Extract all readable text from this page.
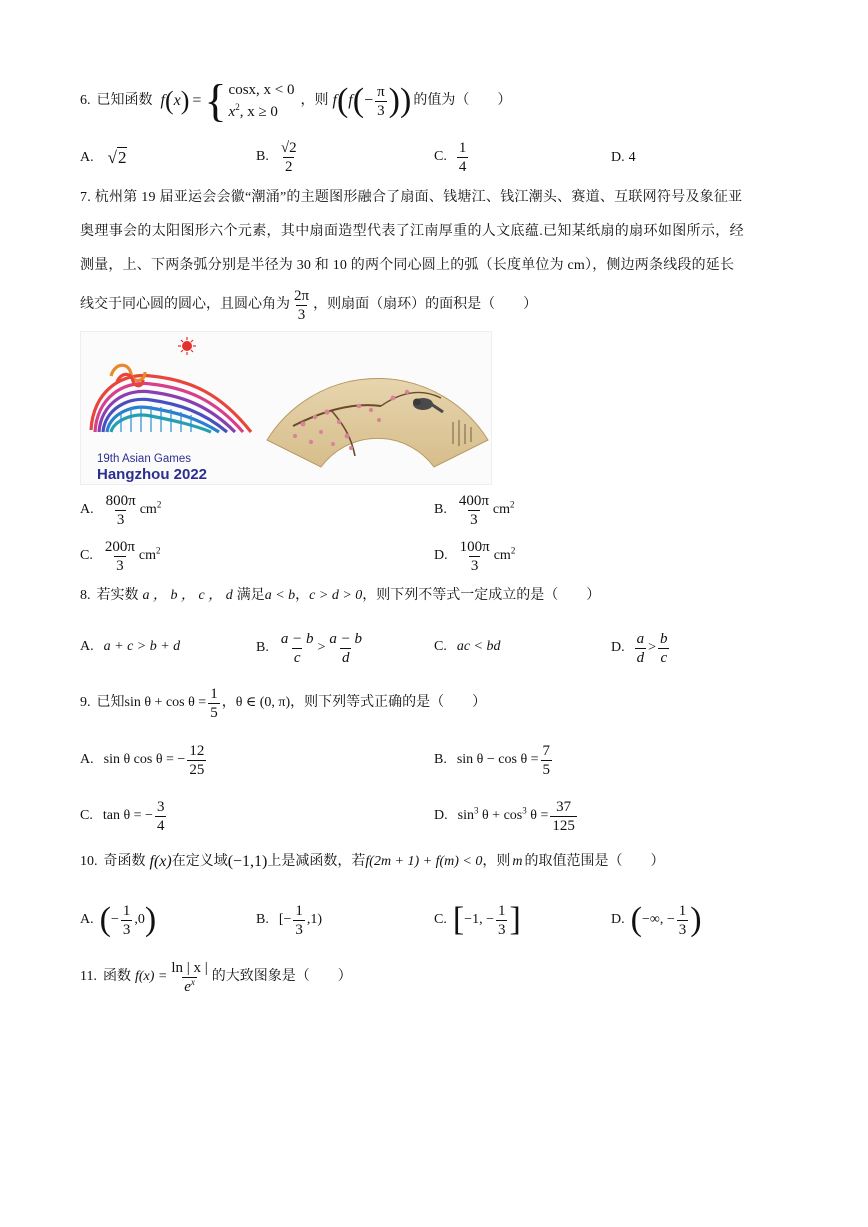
6. 已知函数 f ( x ) = { cosx, x < 0
$x^2$, x ≥ 0
，则 f ( f ( − $\frac{\pi}{3}$ ) ) 的值为（　　）
A. √2	B. $\frac{√2}{2}$	C. $\frac{1}{4}$	D. 4
7. 杭州第 19 届亚运会会徽“潮涌”的主题图形融合了扇面、钱塘江、钱江潮头、赛道、互联网符号及象征亚
奥理事会的太阳图形六个元素，其中扇面造型代表了江南厚重的人文底蕴.已知某纸扇的扇环如图所示，经
测量，上、下两条弧分别是半径为 30 和 10 的两个同心圆上的弧（长度单位为 cm），侧边两条线段的延长
线交于同心圆的圆心，且圆心角为 $\frac{2\pi}{3}$ ，则扇面（扇环）的面积是（　　）
19th Asian Games
Hangzhou 2022
A. $\frac{800\pi}{3} cm^2$	B. $\frac{400\pi}{3} cm^2$
C. $\frac{200\pi}{3} cm^2$	D. $\frac{100\pi}{3} cm^2$
8. 若实数 a ， b ， c ， d 满足 a < b ， c > d > 0 ，则下列不等式一定成立的是（　　）
A. a + c > b + d	B. $\frac{a - b}{c} > \frac{a - b}{d}$	C. ac < bd	D. $\frac{a}{d} > \frac{b}{c}$
9. 已知 $\sin \theta + \cos \theta = \frac{1}{5}$ ， θ ∈ (0, π) ，则下列等式正确的是（　　）
A. sin θ cos θ = − $\frac{12}{25}$	B. $\sin \theta - \cos \theta = \frac{7}{5}$
C. tan θ = − $\frac{3}{4}$	D. $\sin^3 \theta + \cos^3 \theta = \frac{37}{125}$
10. 奇函数 f(x) 在定义域 (−1,1) 上是减函数，若 f(2m + 1) + f(m) < 0 ，则 m 的取值范围是（　　）
A. ( − $\frac{1}{3} ,0$ )	B. [ − $\frac{1}{3} ,1$)	C. [ −1, − $\frac{1}{3}$ ]	D. ( −∞, − $\frac{1}{3}$ )
11. 函数 $f(x) = \frac{\ln | x |}{e^x}$ 的大致图象是（　　）
